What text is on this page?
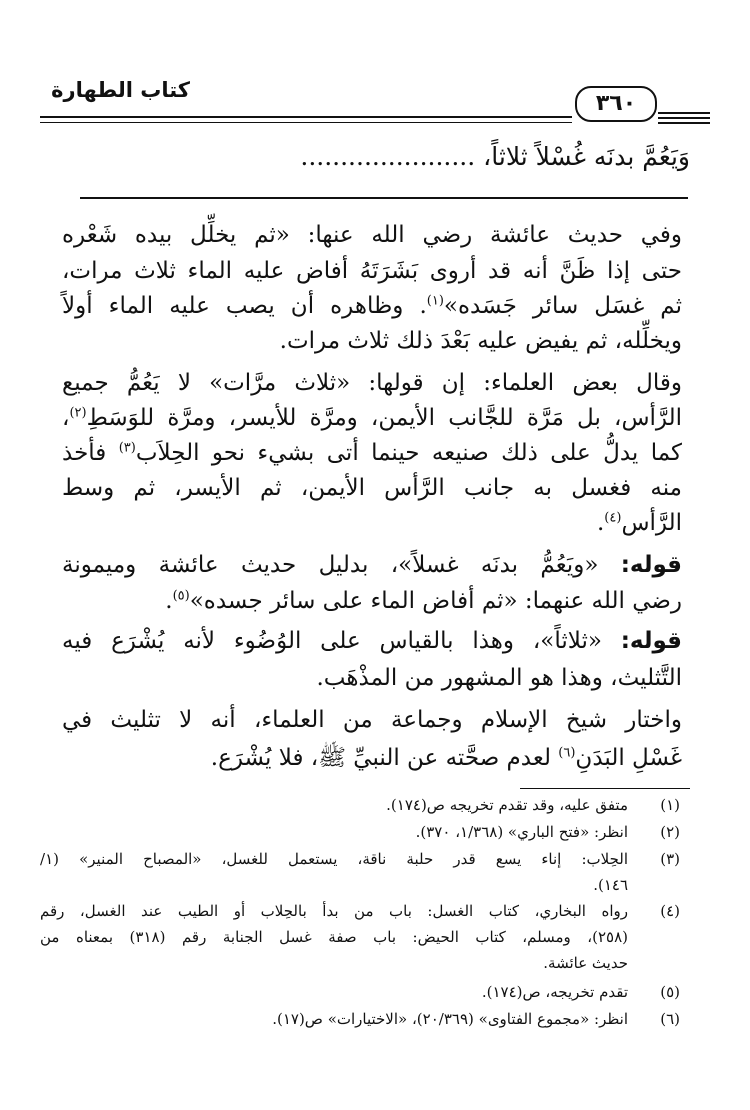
كتاب الطهارة
٣٦٠
وَيَعُمَّ بدنَه غُسْلاً ثلاثاً، ......................
وفي حديث عائشة رضي الله عنها: «ثم يخلِّل بيده شَعْره
حتى إذا ظَنَّ أنه قد أروى بَشَرَتَهُ أفاض عليه الماء ثلاث مرات،
ثم غسَل سائر جَسَده»$^{(١)}$. وظاهره أن يصب عليه الماء أولاً
ويخلِّله، ثم يفيض عليه بَعْدَ ذلك ثلاث مرات.
وقال بعض العلماء: إن قولها: «ثلاث مرَّات» لا يَعُمُّ جميع
الرَّأس، بل مَرَّة للجَّانب الأيمن، ومرَّة للأيسر، ومرَّة للوَسَطِ$^{(٢)}$،
كما يدلُّ على ذلك صنيعه حينما أتى بشيء نحو الحِلاَب$^{(٣)}$ فأخذ
منه فغسل به جانب الرَّأس الأيمن، ثم الأيسر، ثم وسط
الرَّأس$^{(٤)}$.
قوله: «ويَعُمُّ بدنَه غسلاً»، بدليل حديث عائشة وميمونة
رضي الله عنهما: «ثم أفاض الماء على سائر جسده»$^{(٥)}$.
قوله: «ثلاثاً»، وهذا بالقياس على الوُضُوء لأنه يُشْرَع فيه
التَّثليث، وهذا هو المشهور من المذْهَب.
واختار شيخ الإسلام وجماعة من العلماء، أنه لا تثليث في
غَسْلِ البَدَنِ$^{(٦)}$ لعدم صحَّته عن النبيِّ ﷺ، فلا يُشْرَع.
(١)
متفق عليه، وقد تقدم تخريجه ص(١٧٤).
(٢)
انظر: «فتح الباري» (١/٣٦٨، ٣٧٠).
(٣)
الحِلاب: إناء يسع قدر حلبة ناقة، يستعمل للغسل، «المصباح المنير» (١/
١٤٦).
(٤)
رواه البخاري، كتاب الغسل: باب من بدأ بالحِلاب أو الطيب عند الغسل، رقم
(٢٥٨)، ومسلم، كتاب الحيض: باب صفة غسل الجنابة رقم (٣١٨) بمعناه من
حديث عائشة.
(٥)
تقدم تخريجه، ص(١٧٤).
(٦)
انظر: «مجموع الفتاوى» (٢٠/٣٦٩)، «الاختيارات» ص(١٧).
